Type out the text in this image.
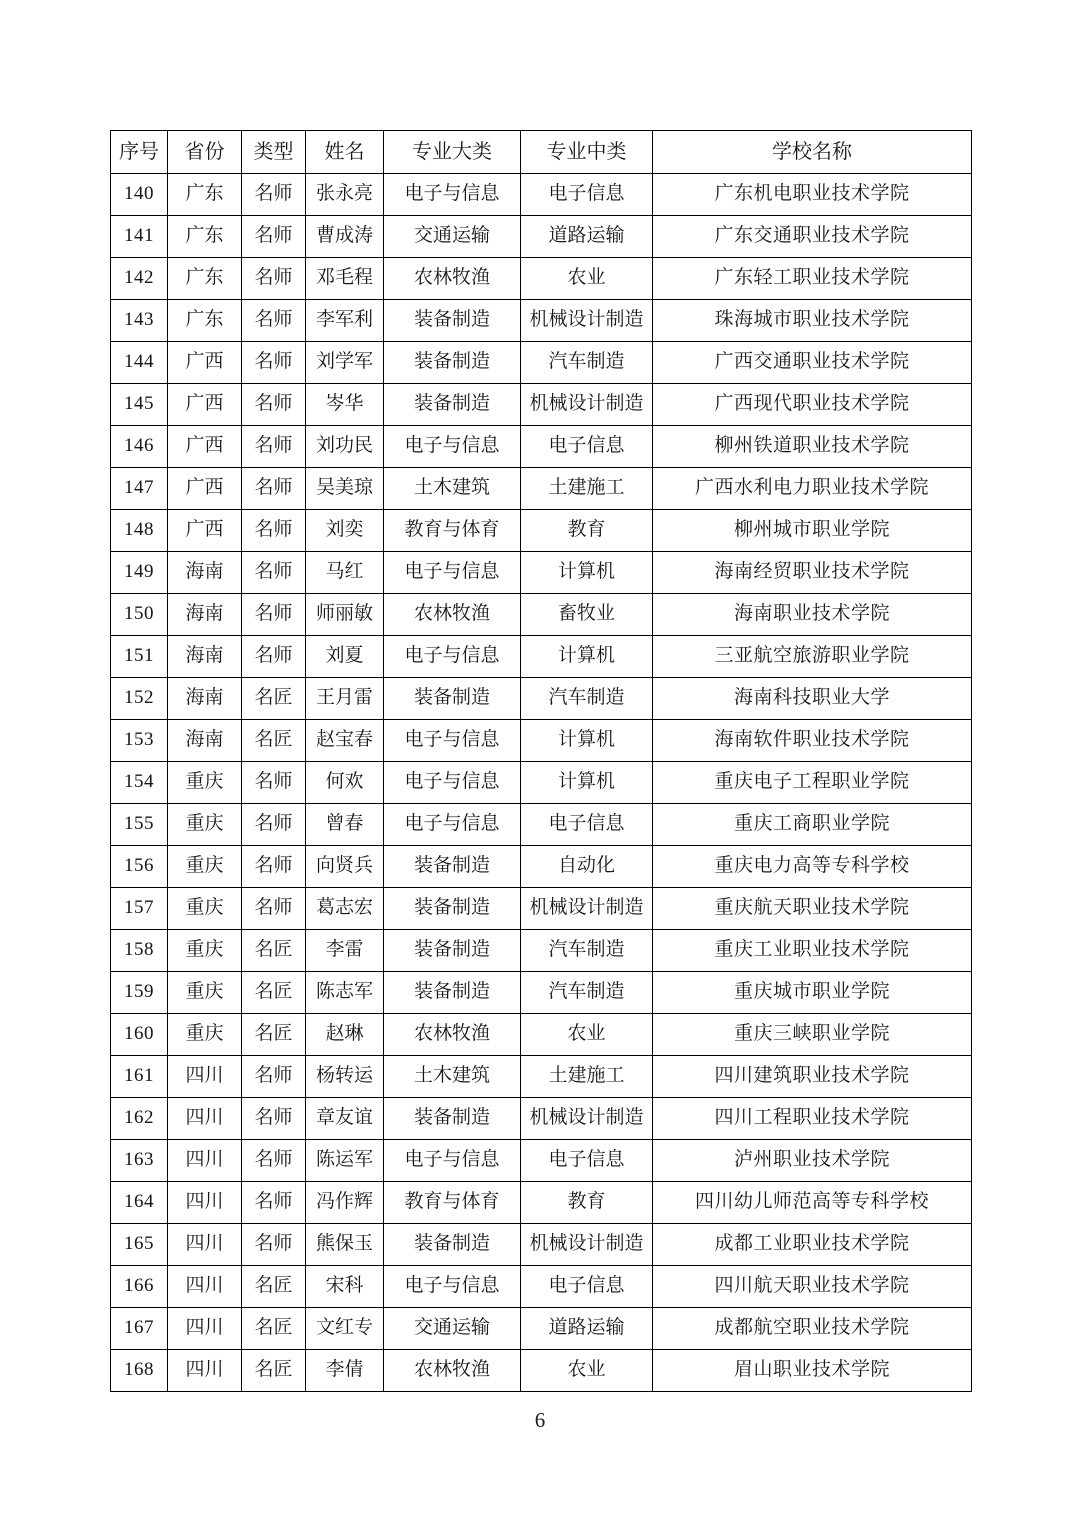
序号	省份	类型	姓名	专业大类	专业中类	学校名称
140	广东	名师	张永亮	电子与信息	电子信息	广东机电职业技术学院
141	广东	名师	曹成涛	交通运输	道路运输	广东交通职业技术学院
142	广东	名师	邓毛程	农林牧渔	农业	广东轻工职业技术学院
143	广东	名师	李军利	装备制造	机械设计制造	珠海城市职业技术学院
144	广西	名师	刘学军	装备制造	汽车制造	广西交通职业技术学院
145	广西	名师	岑华	装备制造	机械设计制造	广西现代职业技术学院
146	广西	名师	刘功民	电子与信息	电子信息	柳州铁道职业技术学院
147	广西	名师	吴美琼	土木建筑	土建施工	广西水利电力职业技术学院
148	广西	名师	刘奕	教育与体育	教育	柳州城市职业学院
149	海南	名师	马红	电子与信息	计算机	海南经贸职业技术学院
150	海南	名师	师丽敏	农林牧渔	畜牧业	海南职业技术学院
151	海南	名师	刘夏	电子与信息	计算机	三亚航空旅游职业学院
152	海南	名匠	王月雷	装备制造	汽车制造	海南科技职业大学
153	海南	名匠	赵宝春	电子与信息	计算机	海南软件职业技术学院
154	重庆	名师	何欢	电子与信息	计算机	重庆电子工程职业学院
155	重庆	名师	曾春	电子与信息	电子信息	重庆工商职业学院
156	重庆	名师	向贤兵	装备制造	自动化	重庆电力高等专科学校
157	重庆	名师	葛志宏	装备制造	机械设计制造	重庆航天职业技术学院
158	重庆	名匠	李雷	装备制造	汽车制造	重庆工业职业技术学院
159	重庆	名匠	陈志军	装备制造	汽车制造	重庆城市职业学院
160	重庆	名匠	赵琳	农林牧渔	农业	重庆三峡职业学院
161	四川	名师	杨转运	土木建筑	土建施工	四川建筑职业技术学院
162	四川	名师	章友谊	装备制造	机械设计制造	四川工程职业技术学院
163	四川	名师	陈运军	电子与信息	电子信息	泸州职业技术学院
164	四川	名师	冯作辉	教育与体育	教育	四川幼儿师范高等专科学校
165	四川	名师	熊保玉	装备制造	机械设计制造	成都工业职业技术学院
166	四川	名匠	宋科	电子与信息	电子信息	四川航天职业技术学院
167	四川	名匠	文红专	交通运输	道路运输	成都航空职业技术学院
168	四川	名匠	李倩	农林牧渔	农业	眉山职业技术学院
6
